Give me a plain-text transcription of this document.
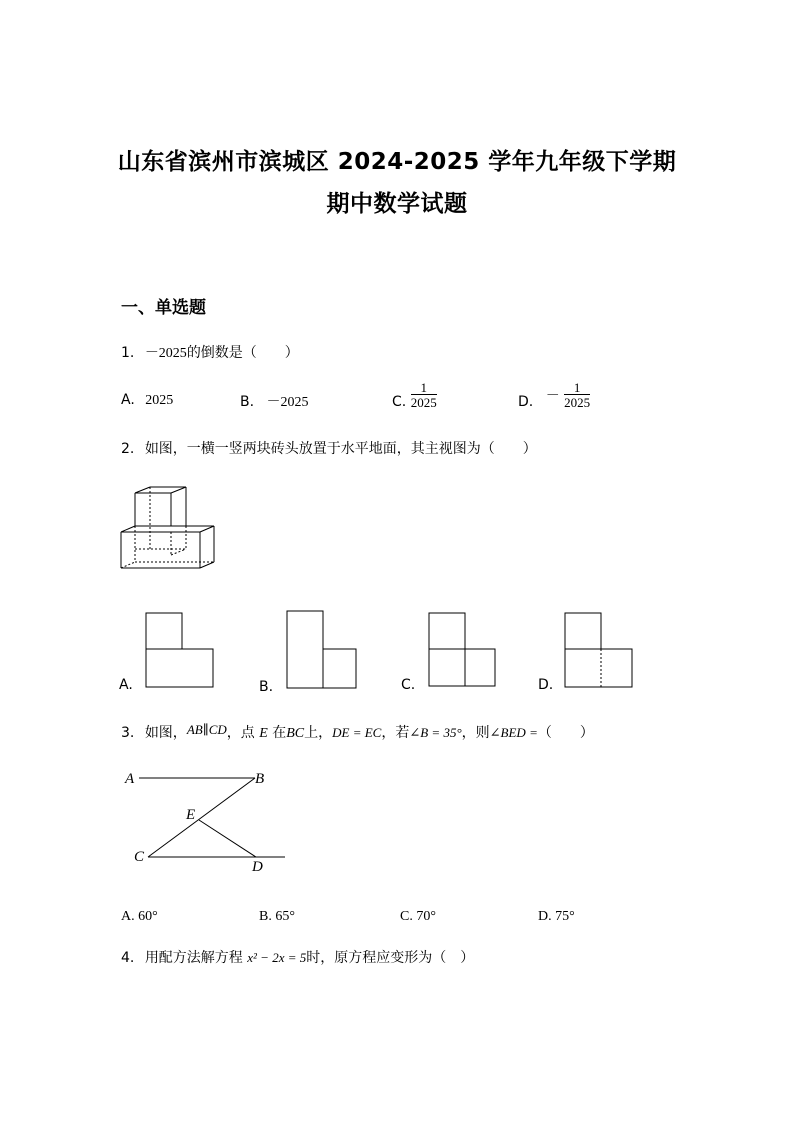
山东省滨州市滨城区 2024-2025 学年九年级下学期
期中数学试题
一、单选题
1. －2025的倒数是（　　）
A. 2025	B. －2025	C. $\frac{1}{2025}$	D. － $\frac{1}{2025}$
2. 如图，一横一竖两块砖头放置于水平地面，其主视图为（　　）
A.	B.	C.	D.
3. 如图，AB∥CD，点 E 在BC上，DE = EC，若∠B = 35°，则∠BED =（　　）
A	B
E
C
D
A. 60°	B. 65°	C. 70°	D. 75°
4. 用配方法解方程 x² − 2x = 5时，原方程应变形为（　）
